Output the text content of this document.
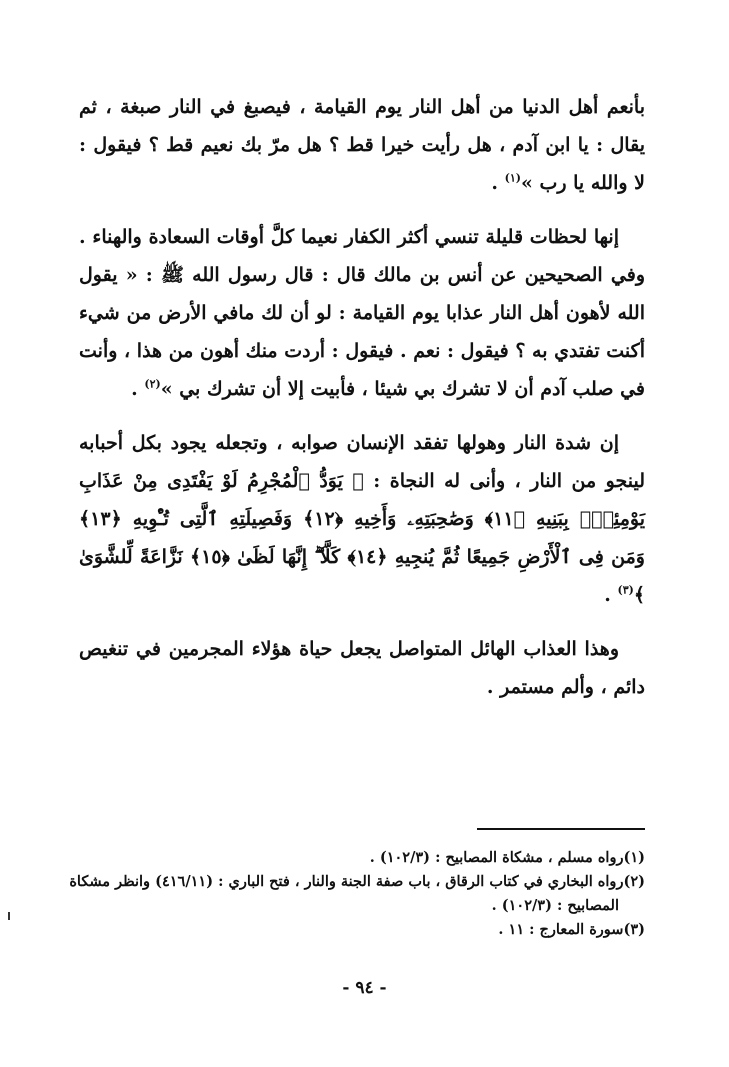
بأنعم أهل الدنيا من أهل النار يوم القيامة ، فيصبغ في النار صبغة ، ثم يقال : يا ابن آدم ، هل رأيت خيرا قط ؟ هل مرّ بك نعيم قط ؟ فيقول : لا والله يا رب »$^{(١)}$ .

إنها لحظات قليلة تنسي أكثر الكفار نعيما كلَّ أوقات السعادة والهناء . وفي الصحيحين عن أنس بن مالك قال : قال رسول الله ﷺ : « يقول الله لأهون أهل النار عذابا يوم القيامة : لو أن لك مافي الأرض من شيء أكنت تفتدي به ؟ فيقول : نعم . فيقول : أردت منك أهون من هذا ، وأنت في صلب آدم أن لا تشرك بي شيئا ، فأبيت إلا أن تشرك بي »$^{(٢)}$ .

إن شدة النار وهولها تفقد الإنسان صوابه ، وتجعله يجود بكل أحبابه لينجو من النار ، وأنى له النجاة : ﴿ يَوَدُّ ٱلْمُجْرِمُ لَوْ يَفْتَدِى مِنْ عَذَابِ يَوْمِئِذٍۭ بِبَنِيهِ ﴿١١﴾ وَصَٰحِبَتِهِۦ وَأَخِيهِ ﴿١٢﴾ وَفَصِيلَتِهِ ٱلَّتِى تُـْٔوِيهِ ﴿١٣﴾ وَمَن فِى ٱلْأَرْضِ جَمِيعًا ثُمَّ يُنجِيهِ ﴿١٤﴾ كَلَّآ ۖ إِنَّهَا لَظَىٰ ﴿١٥﴾ نَزَّاعَةً لِّلشَّوَىٰ ﴾$^{(٣)}$ .

وهذا العذاب الهائل المتواصل يجعل حياة هؤلاء المجرمين في تنغيص دائم ، وألم مستمر .

(١)رواه مسلم ، مشكاة المصابيح : (١٠٢/٣) .

(٢)رواه البخاري في كتاب الرقاق ، باب صفة الجنة والنار ، فتح الباري : (٤١٦/١١) وانظر مشكاة
المصابيح : (١٠٢/٣) .

(٣)سورة المعارج : ١١ .

- ٩٤ -
